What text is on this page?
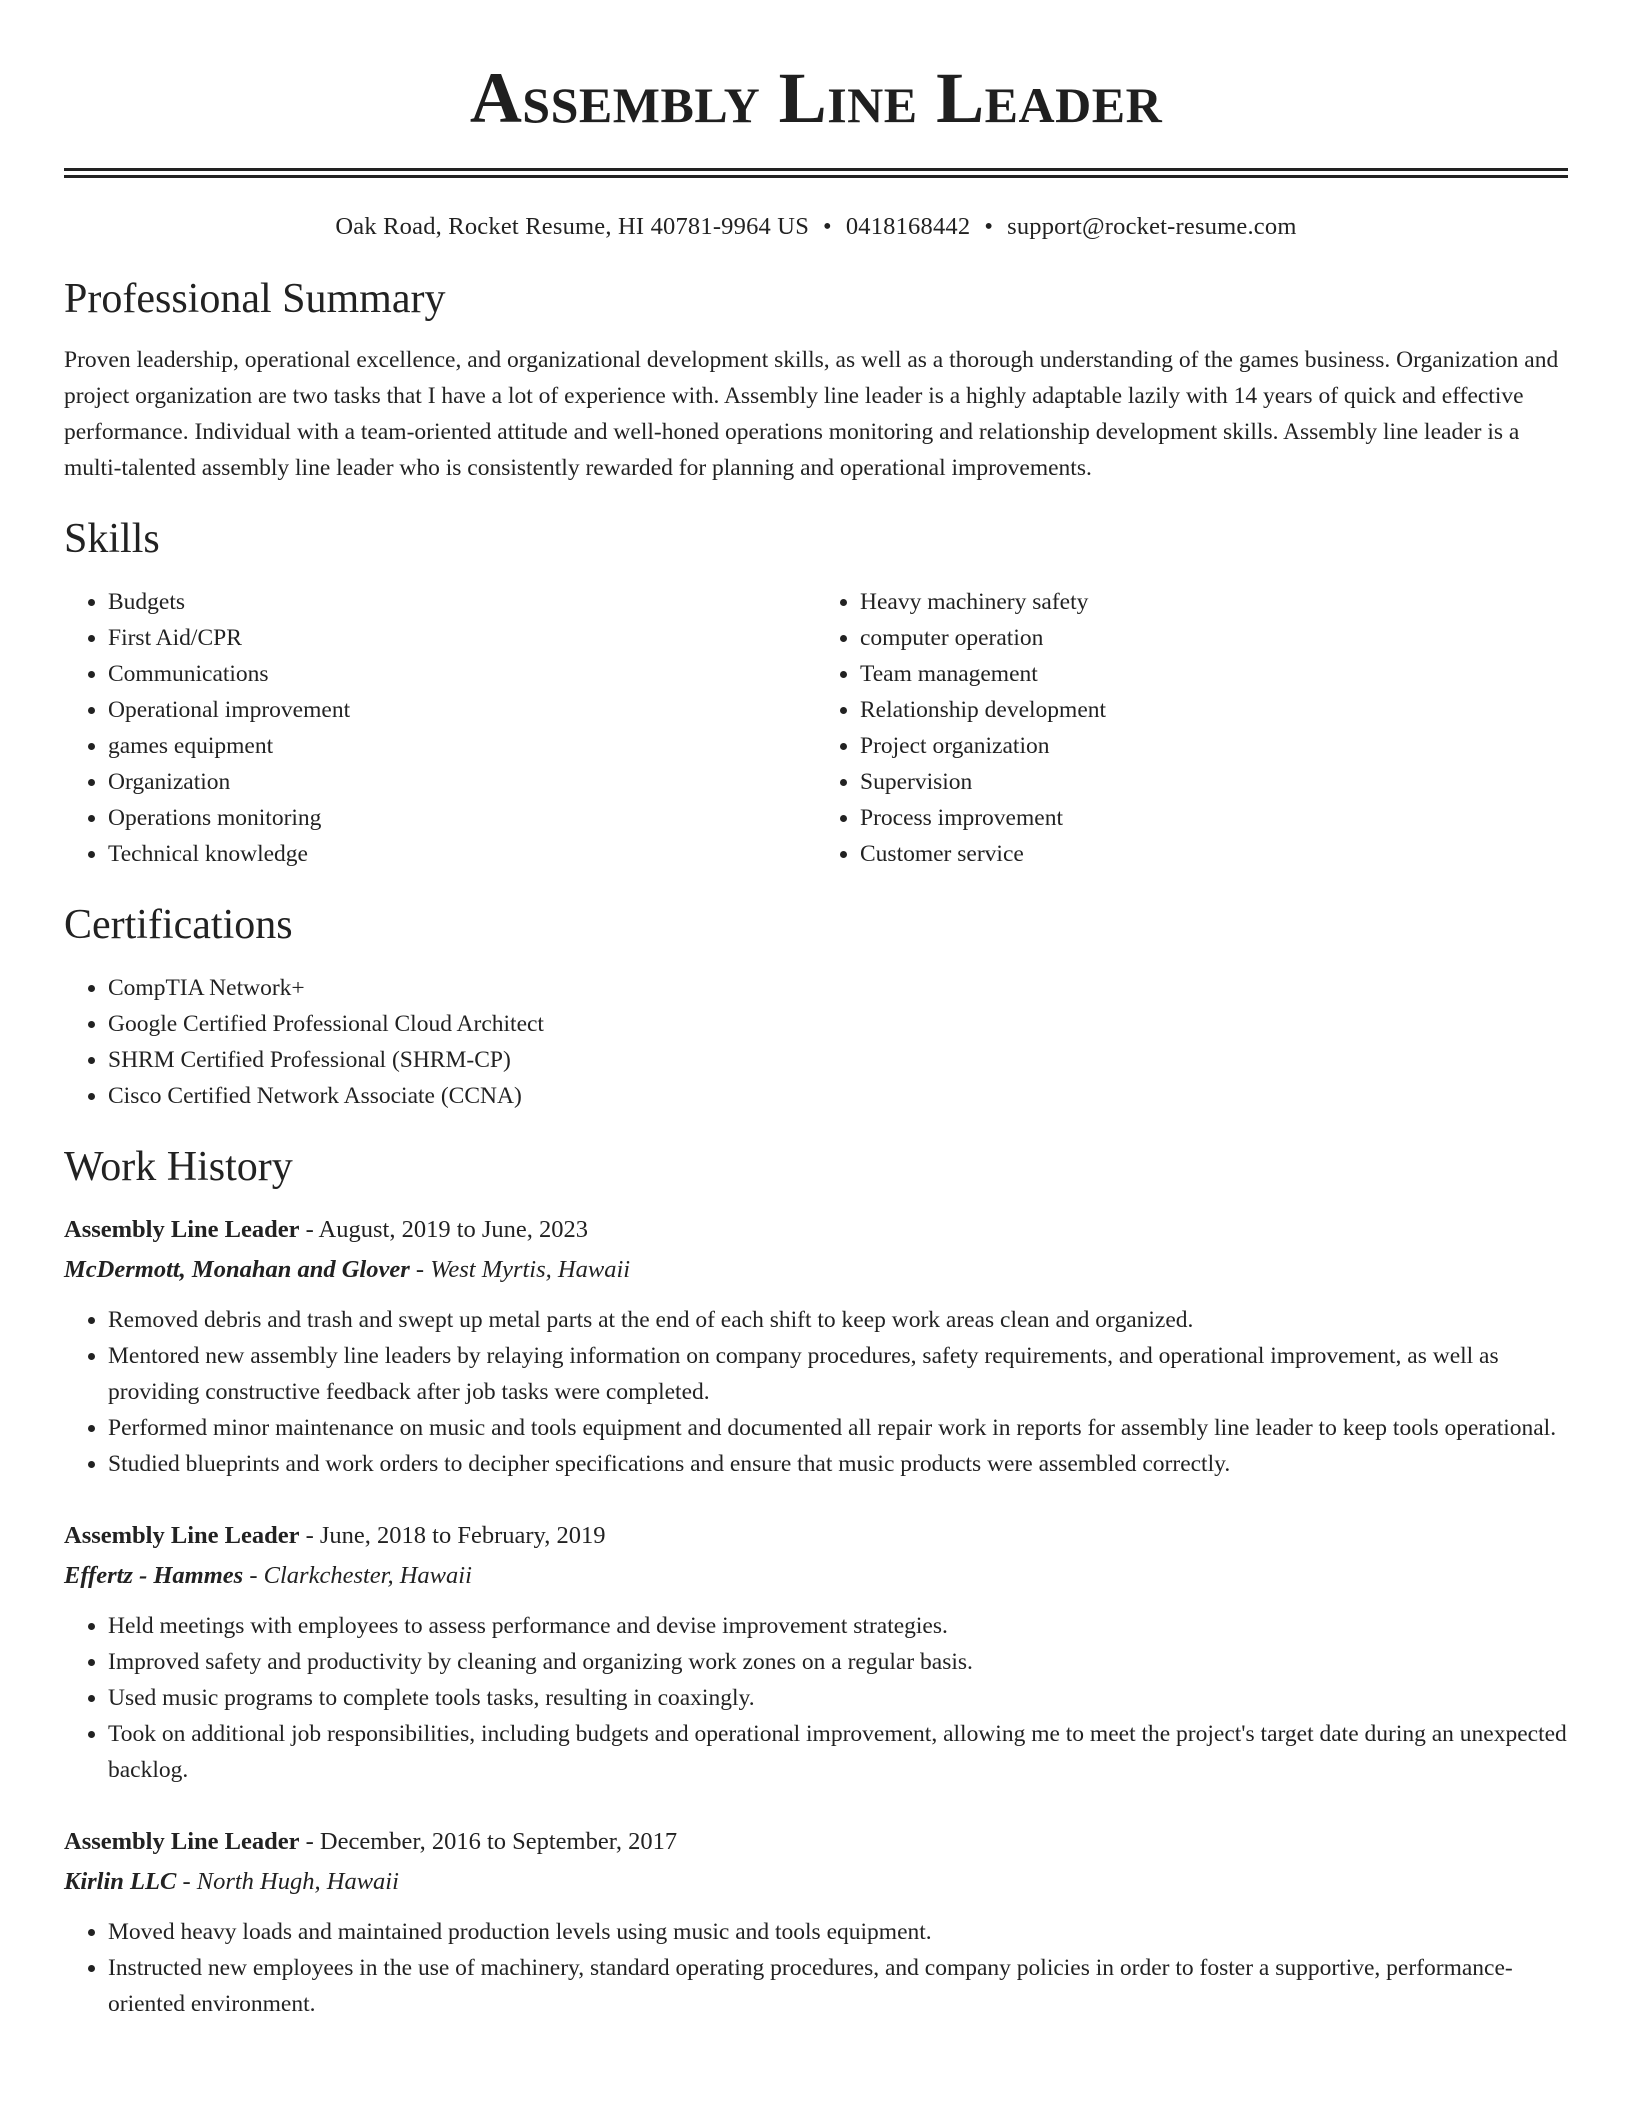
Assembly Line Leader
Oak Road, Rocket Resume, HI 40781-9964 US • 0418168442 • support@rocket-resume.com
Professional Summary

Proven leadership, operational excellence, and organizational development skills, as well as a thorough understanding of the games business. Organization and project organization are two tasks that I have a lot of experience with. Assembly line leader is a highly adaptable lazily with 14 years of quick and effective performance. Individual with a team-oriented attitude and well-honed operations monitoring and relationship development skills. Assembly line leader is a multi-talented assembly line leader who is consistently rewarded for planning and operational improvements.

Skills
• Budgets
• First Aid/CPR
• Communications
• Operational improvement
• games equipment
• Organization
• Operations monitoring
• Technical knowledge
• Heavy machinery safety
• computer operation
• Team management
• Relationship development
• Project organization
• Supervision
• Process improvement
• Customer service
Certifications
• CompTIA Network+
• Google Certified Professional Cloud Architect
• SHRM Certified Professional (SHRM-CP)
• Cisco Certified Network Associate (CCNA)
Work History
Assembly Line Leader - August, 2019 to June, 2023
McDermott, Monahan and Glover - West Myrtis, Hawaii
• Removed debris and trash and swept up metal parts at the end of each shift to keep work areas clean and organized.
• Mentored new assembly line leaders by relaying information on company procedures, safety requirements, and operational improvement, as well as providing constructive feedback after job tasks were completed.
• Performed minor maintenance on music and tools equipment and documented all repair work in reports for assembly line leader to keep tools operational.
• Studied blueprints and work orders to decipher specifications and ensure that music products were assembled correctly.
Assembly Line Leader - June, 2018 to February, 2019
Effertz - Hammes - Clarkchester, Hawaii
• Held meetings with employees to assess performance and devise improvement strategies.
• Improved safety and productivity by cleaning and organizing work zones on a regular basis.
• Used music programs to complete tools tasks, resulting in coaxingly.
• Took on additional job responsibilities, including budgets and operational improvement, allowing me to meet the project's target date during an unexpected backlog.
Assembly Line Leader - December, 2016 to September, 2017
Kirlin LLC - North Hugh, Hawaii
• Moved heavy loads and maintained production levels using music and tools equipment.
• Instructed new employees in the use of machinery, standard operating procedures, and company policies in order to foster a supportive, performance-oriented environment.
